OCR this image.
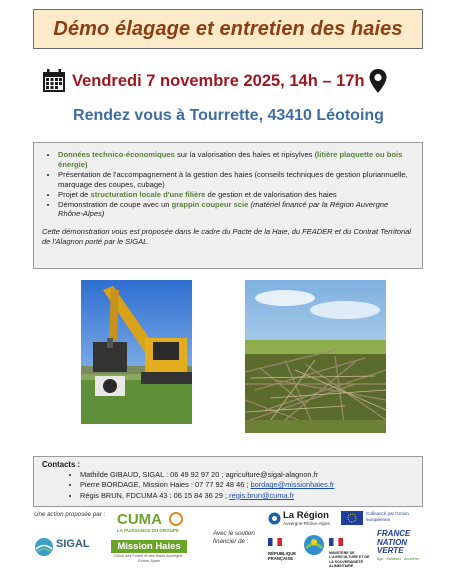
Démo élagage et entretien des haies
Vendredi 7 novembre 2025, 14h – 17h
Rendez vous à Tourrette, 43410 Léotoing
• Données technico-économiques sur la valorisation des haies et ripisylves (litière plaquette ou bois énergie)
• Présentation de l'accompagnement à la gestion des haies (conseils techniques de gestion pluriannuelle, marquage des coupes, cubage)
• Projet de structuration locale d'une filière de gestion et de valorisation des haies
• Démonstration de coupe avec un grappin coupeur scie (matériel financé par la Région Auvergne Rhône-Alpes)

Cette démonstration vous est proposée dans le cadre du Pacte de la Haie, du FEADER et du Contrat Territorial de l'Alagnon porté par le SIGAL.

Contacts :
• Mathilde GIBAUD, SIGAL : 06 49 92 97 20 ; agriculture@sigal-alagnon.fr
• Pierre BORDAGE, Mission Haies : 07 77 92 48 46 ; bordage@missionhaies.fr
• Régis BRUN, FDCUMA 43 : 06 15 84 36 29 ; regis.brun@cuma.fr
Une action proposée par :
Avec le soutien financier de :
SIGAL
CUMA
LA PUISSANCE DU GROUPE
Mission Haies
Union des Forêts et des Haies Auvergne-Rhône-Alpes
La Région
Auvergne-Rhône-Alpes
Cofinancé par l'Union européenne
RÉPUBLIQUE FRANÇAISE
MINISTÈRE DE L'AGRICULTURE ET DE LA SOUVERAINETÉ ALIMENTAIRE
FRANCE NATION VERTE
Agir · Mobiliser · Accélérer
